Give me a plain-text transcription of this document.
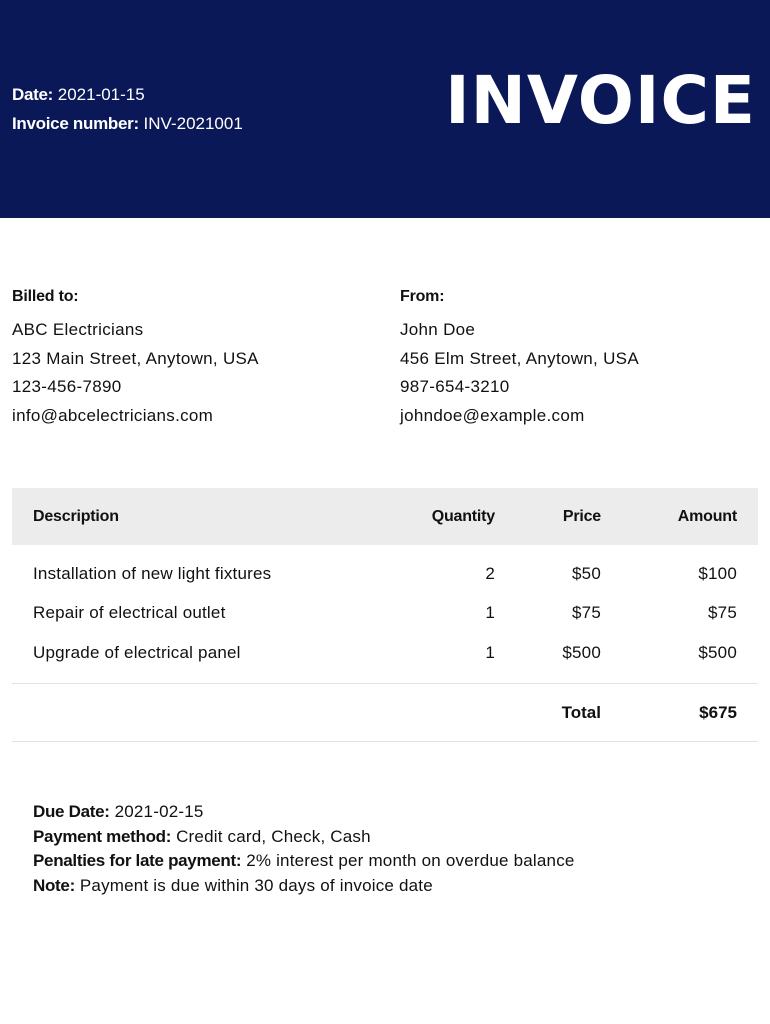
Date: 2021-01-15
Invoice number: INV-2021001	INVOICE
Billed to:
ABC Electricians
123 Main Street, Anytown, USA
123-456-7890
info@abcelectricians.com
From:
John Doe
456 Elm Street, Anytown, USA
987-654-3210
johndoe@example.com
Description	Quantity	Price	Amount
Installation of new light fixtures	2	$50	$100
Repair of electrical outlet	1	$75	$75
Upgrade of electrical panel	1	$500	$500
Total	$675
Due Date: 2021-02-15
Payment method: Credit card, Check, Cash
Penalties for late payment: 2% interest per month on overdue balance
Note: Payment is due within 30 days of invoice date
